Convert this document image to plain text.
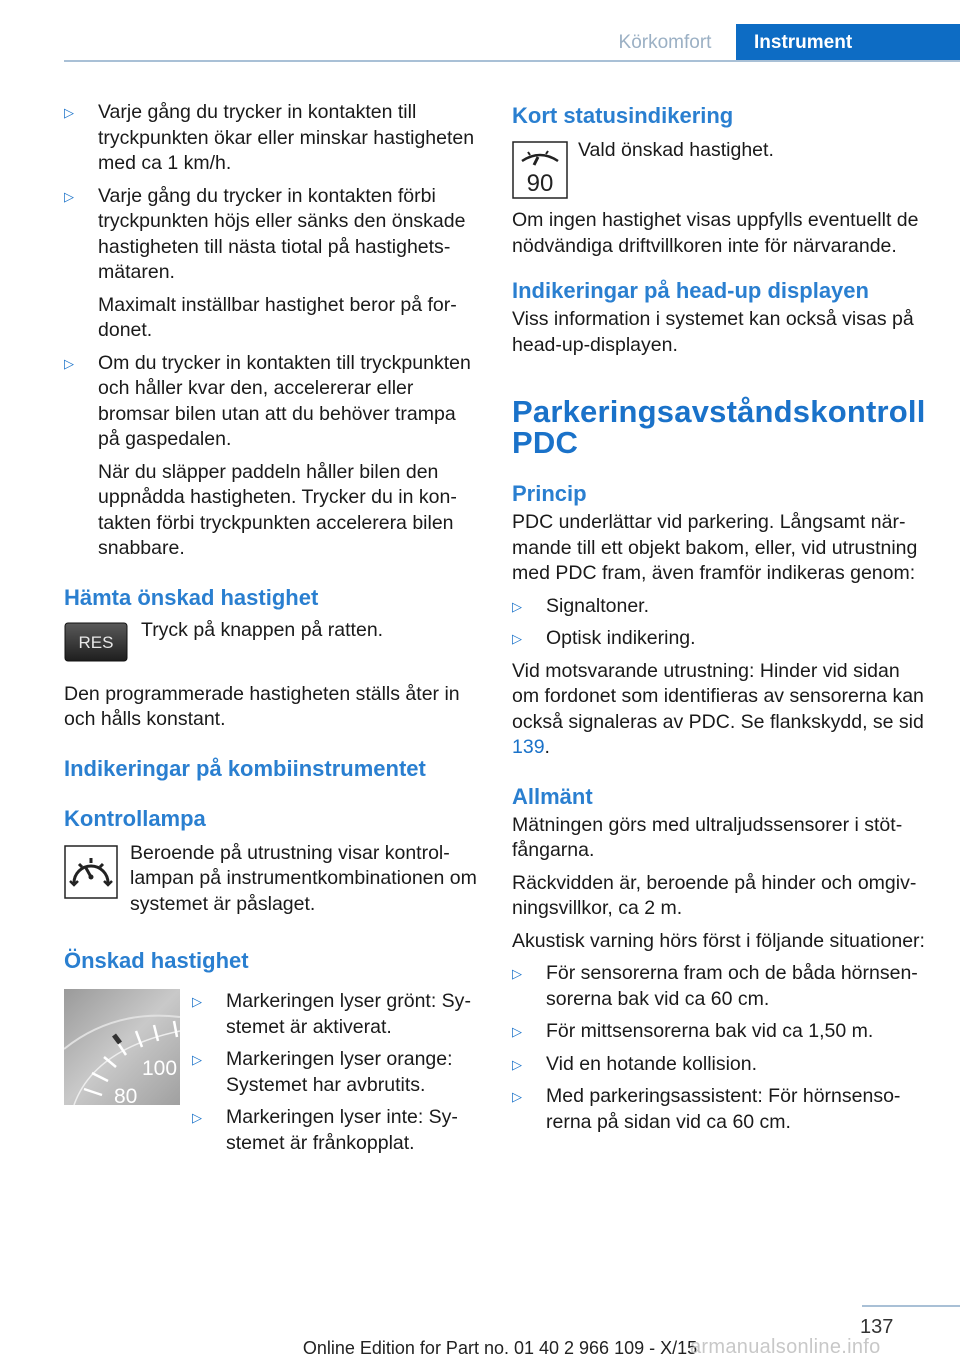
Körkomfort	Instrument
▷ Varje gång du trycker in kontakten till tryckpunkten ökar eller minskar hastigheten med ca 1 km/h.
▷ Varje gång du trycker in kontakten förbi tryckpunkten höjs eller sänks den önskade hastigheten till nästa tiotal på hastighetsmätaren.
Maximalt inställbar hastighet beror på fordonet.
▷ Om du trycker in kontakten till tryckpunkten och håller kvar den, accelererar eller bromsar bilen utan att du behöver trampa på gaspedalen.
När du släpper paddeln håller bilen den uppnådda hastigheten. Trycker du in kontakten förbi tryckpunkten accelerera bilen snabbare.
Hämta önskad hastighet
RES
Tryck på knappen på ratten.

Den programmerade hastigheten ställs åter in och hålls konstant.

Indikeringar på kombiinstrumentet
Kontrollampa
Beroende på utrustning visar kontrollampan på instrumentkombinationen om systemet är påslaget.
Önskad hastighet
100
80
▷ Markeringen lyser grönt: Systemet är aktiverat.
▷ Markeringen lyser orange: Systemet har avbrutits.
▷ Markeringen lyser inte: Systemet är frånkopplat.
Kort statusindikering
90
Vald önskad hastighet.

Om ingen hastighet visas uppfylls eventuellt de nödvändiga driftvillkoren inte för närvarande.

Indikeringar på head-up displayen

Viss information i systemet kan också visas på head-up-displayen.

Parkeringsavståndskontroll
PDC
Princip

PDC underlättar vid parkering. Långsamt närmande till ett objekt bakom, eller, vid utrustning med PDC fram, även framför indikeras genom:

▷ Signaltoner.
▷ Optisk indikering.

Vid motsvarande utrustning: Hinder vid sidan om fordonet som identifieras av sensorerna kan också signaleras av PDC. Se flankskydd, se sid 139.

Allmänt

Mätningen görs med ultraljudssensorer i stötfångarna.

Räckvidden är, beroende på hinder och omgivningsvillkor, ca 2 m.

Akustisk varning hörs först i följande situationer:

▷ För sensorerna fram och de båda hörnsensorerna bak vid ca 60 cm.
▷ För mittsensorerna bak vid ca 1,50 m.
▷ Vid en hotande kollision.
▷ Med parkeringsassistent: För hörnsensorerna på sidan vid ca 60 cm.
137
Online Edition for Part no. 01 40 2 966 109 - X/15
armanualsonline.info
